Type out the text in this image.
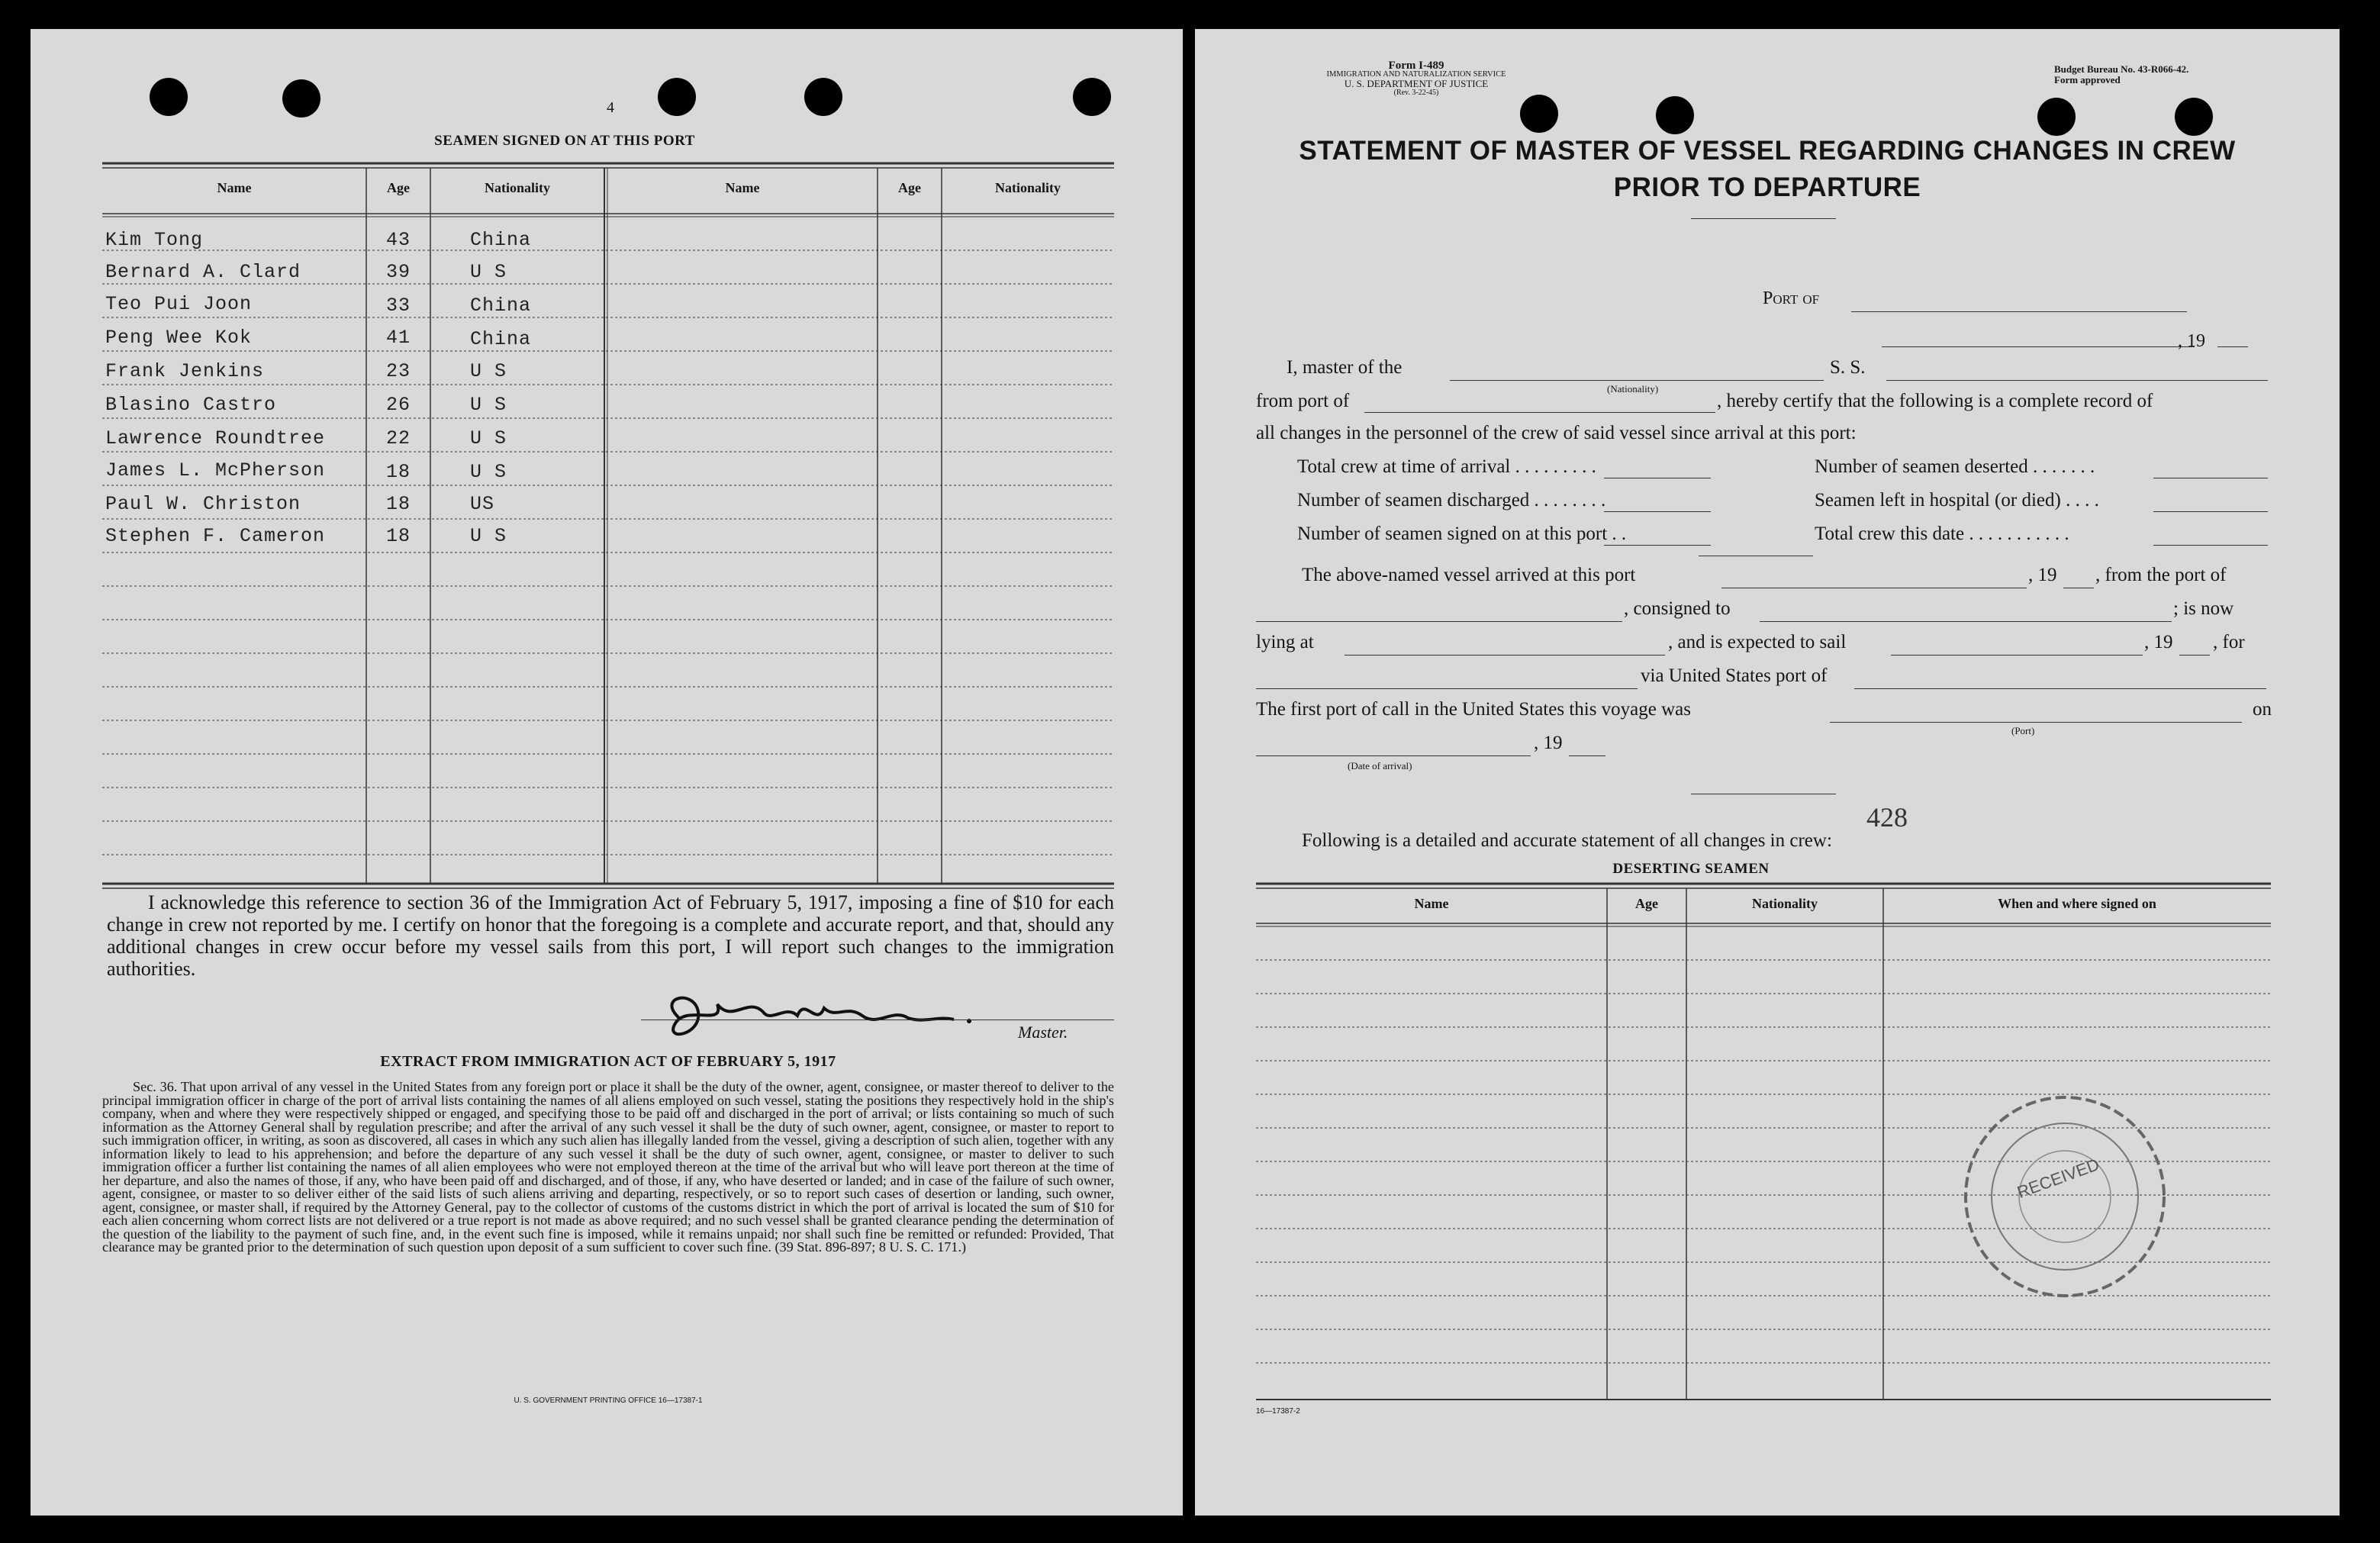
4
SEAMEN SIGNED ON AT THIS PORT
Name	Age	Nationality	Name	Age	Nationality
Kim Tong	43	China
Bernard A. Clard	39	U S
Teo Pui Joon	33	China
Peng Wee Kok	41	China
Frank Jenkins	23	U S
Blasino Castro	26	U S
Lawrence Roundtree	22	U S
James L. McPherson	18	U S
Paul W. Christon	18	US
Stephen F. Cameron	18	U S
I acknowledge this reference to section 36 of the Immigration Act of February 5, 1917, imposing a fine of $10 for each change in crew not reported by me. I certify on honor that the foregoing is a complete and accurate report, and that, should any additional changes in crew occur before my vessel sails from this port, I will report such changes to the immigration authorities.
Master.
EXTRACT FROM IMMIGRATION ACT OF FEBRUARY 5, 1917
Sec. 36. That upon arrival of any vessel in the United States from any foreign port or place it shall be the duty of the owner, agent, consignee, or master thereof to deliver to the principal immigration officer in charge of the port of arrival lists containing the names of all aliens employed on such vessel, stating the positions they respectively hold in the ship's company, when and where they were respectively shipped or engaged, and specifying those to be paid off and discharged in the port of arrival; or lists containing so much of such information as the Attorney General shall by regulation prescribe; and after the arrival of any such vessel it shall be the duty of such owner, agent, consignee, or master to report to such immigration officer, in writing, as soon as discovered, all cases in which any such alien has illegally landed from the vessel, giving a description of such alien, together with any information likely to lead to his apprehension; and before the departure of any such vessel it shall be the duty of such owner, agent, consignee, or master to deliver to such immigration officer a further list containing the names of all alien employees who were not employed thereon at the time of the arrival but who will leave port thereon at the time of her departure, and also the names of those, if any, who have been paid off and discharged, and of those, if any, who have deserted or landed; and in case of the failure of such owner, agent, consignee, or master to so deliver either of the said lists of such aliens arriving and departing, respectively, or so to report such cases of desertion or landing, such owner, agent, consignee, or master shall, if required by the Attorney General, pay to the collector of customs of the customs district in which the port of arrival is located the sum of $10 for each alien concerning whom correct lists are not delivered or a true report is not made as above required; and no such vessel shall be granted clearance pending the determination of the question of the liability to the payment of such fine, and, in the event such fine is imposed, while it remains unpaid; nor shall such fine be remitted or refunded: Provided, That clearance may be granted prior to the determination of such question upon deposit of a sum sufficient to cover such fine. (39 Stat. 896-897; 8 U. S. C. 171.)
U. S. GOVERNMENT PRINTING OFFICE 16—17387-1
Form I-489
IMMIGRATION AND NATURALIZATION SERVICE
U. S. DEPARTMENT OF JUSTICE
(Rev. 3-22-45)
Budget Bureau No. 43-R066-42.
Form approved
STATEMENT OF MASTER OF VESSEL REGARDING CHANGES IN CREW
PRIOR TO DEPARTURE
Port of
, 19
I, master of the
(Nationality)
S. S.
from port of	, hereby certify that the following is a complete record of
all changes in the personnel of the crew of said vessel since arrival at this port:
Total crew at time of arrival . . . . . . . . .
Number of seamen discharged . . . . . . . .
Number of seamen signed on at this port . .
Number of seamen deserted . . . . . . .
Seamen left in hospital (or died) . . . .
Total crew this date . . . . . . . . . . .
The above-named vessel arrived at this port	, 19 , from the port of
, consigned to	; is now
lying at	, and is expected to sail	, 19 , for
via United States port of
The first port of call in the United States this voyage was
(Port)
on
, 19
(Date of arrival)
428
Following is a detailed and accurate statement of all changes in crew:
DESERTING SEAMEN
Name	Age	Nationality	When and where signed on
RECEIVED
16—17387-2
